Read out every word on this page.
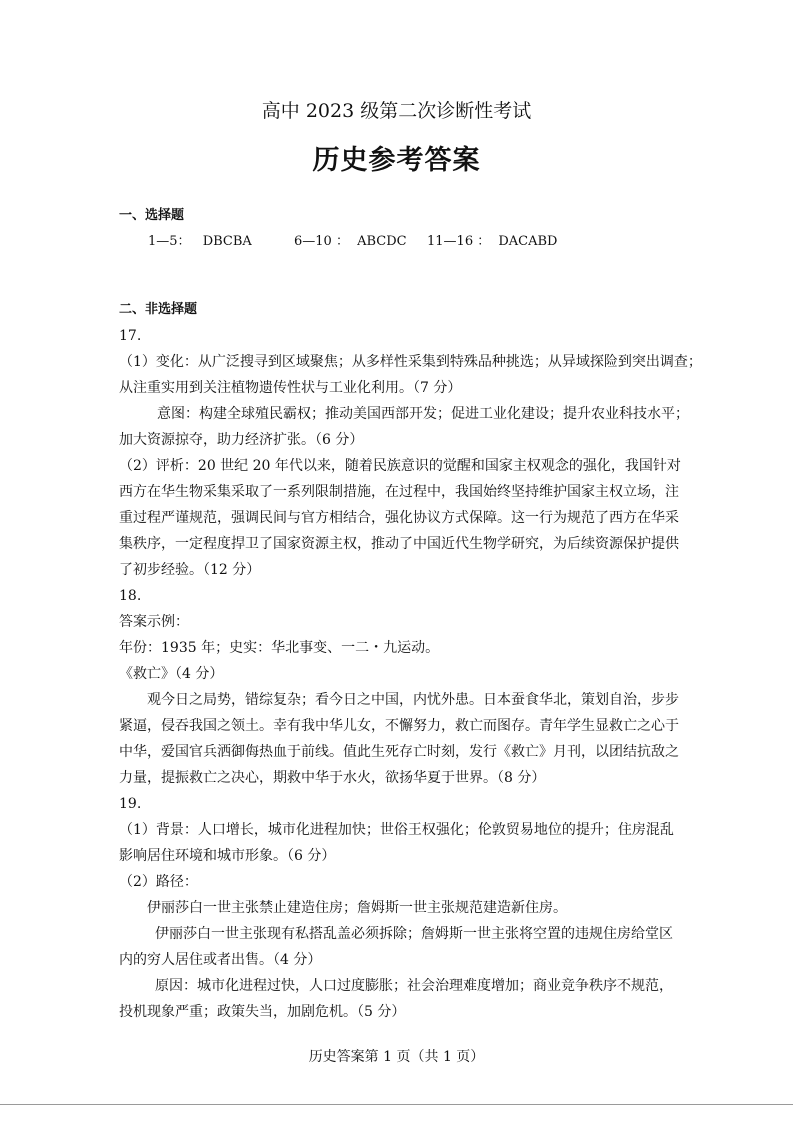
高中 2023 级第二次诊断性考试
历史参考答案
一、选择题
1—5： DBCBA	6—10 ： ABCDC 11—16 ： DACABD
二、非选择题
17.
（1）变化：从广泛搜寻到区域聚焦；从多样性采集到特殊品种挑选；从异域探险到突出调查；
从注重实用到关注植物遗传性状与工业化利用。（7 分）
意图：构建全球殖民霸权；推动美国西部开发；促进工业化建设；提升农业科技水平；
加大资源掠夺，助力经济扩张。（6 分）
（2）评析：20 世纪 20 年代以来，随着民族意识的觉醒和国家主权观念的强化，我国针对
西方在华生物采集采取了一系列限制措施，在过程中，我国始终坚持维护国家主权立场，注
重过程严谨规范，强调民间与官方相结合，强化协议方式保障。这一行为规范了西方在华采
集秩序，一定程度捍卫了国家资源主权，推动了中国近代生物学研究，为后续资源保护提供
了初步经验。（12 分）
18.
答案示例：
年份：1935 年；史实：华北事变、一二・九运动。
《救亡》（4 分）
观今日之局势，错综复杂；看今日之中国，内忧外患。日本蚕食华北，策划自治，步步
紧逼，侵吞我国之领土。幸有我中华儿女，不懈努力，救亡而图存。青年学生显救亡之心于
中华，爱国官兵洒御侮热血于前线。值此生死存亡时刻，发行《救亡》月刊，以团结抗敌之
力量，提振救亡之决心，期救中华于水火，欲扬华夏于世界。（8 分）
19.
（1）背景：人口增长，城市化进程加快；世俗王权强化；伦敦贸易地位的提升；住房混乱
影响居住环境和城市形象。（6 分）
（2）路径：
伊丽莎白一世主张禁止建造住房；詹姆斯一世主张规范建造新住房。
伊丽莎白一世主张现有私搭乱盖必须拆除；詹姆斯一世主张将空置的违规住房给堂区
内的穷人居住或者出售。（4 分）
原因：城市化进程过快，人口过度膨胀；社会治理难度增加；商业竞争秩序不规范，
投机现象严重；政策失当，加剧危机。（5 分）
历史答案第 1 页（共 1 页）
